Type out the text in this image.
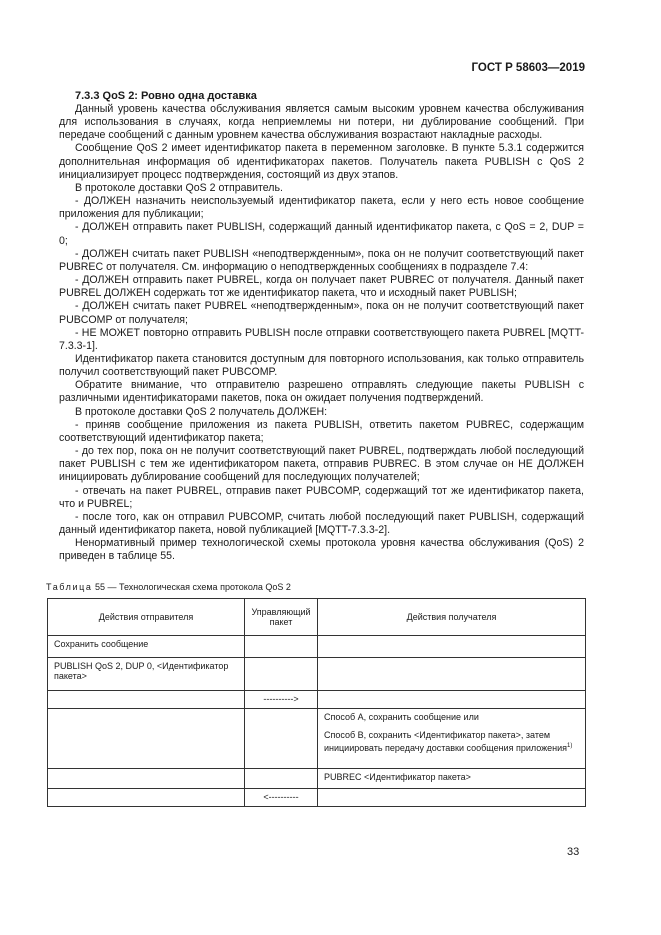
ГОСТ Р 58603—2019
7.3.3 QoS 2: Ровно одна доставка

Данный уровень качества обслуживания является самым высоким уровнем качества обслуживания для использования в случаях, когда неприемлемы ни потери, ни дублирование сообщений. При передаче сообщений с данным уровнем качества обслуживания возрастают накладные расходы.

Сообщение QoS 2 имеет идентификатор пакета в переменном заголовке. В пункте 5.3.1 содержится дополнительная информация об идентификаторах пакетов. Получатель пакета PUBLISH с QoS 2 инициализирует процесс подтверждения, состоящий из двух этапов.

В протоколе доставки QoS 2 отправитель.

- ДОЛЖЕН назначить неиспользуемый идентификатор пакета, если у него есть новое сообщение приложения для публикации;

- ДОЛЖЕН отправить пакет PUBLISH, содержащий данный идентификатор пакета, с QoS = 2, DUP = 0;

- ДОЛЖЕН считать пакет PUBLISH «неподтвержденным», пока он не получит соответствующий пакет PUBREC от получателя. См. информацию о неподтвержденных сообщениях в подразделе 7.4:

- ДОЛЖЕН отправить пакет PUBREL, когда он получает пакет PUBREC от получателя. Данный пакет PUBREL ДОЛЖЕН содержать тот же идентификатор пакета, что и исходный пакет PUBLISH;

- ДОЛЖЕН считать пакет PUBREL «неподтвержденным», пока он не получит соответствующий пакет PUBCOMP от получателя;

- НЕ МОЖЕТ повторно отправить PUBLISH после отправки соответствующего пакета PUBREL [MQTT-7.3.3-1].

Идентификатор пакета становится доступным для повторного использования, как только отправитель получил соответствующий пакет PUBCOMP.

Обратите внимание, что отправителю разрешено отправлять следующие пакеты PUBLISH с различными идентификаторами пакетов, пока он ожидает получения подтверждений.

В протоколе доставки QoS 2 получатель ДОЛЖЕН:

- приняв сообщение приложения из пакета PUBLISH, ответить пакетом PUBREC, содержащим соответствующий идентификатор пакета;

- до тех пор, пока он не получит соответствующий пакет PUBREL, подтверждать любой последующий пакет PUBLISH с тем же идентификатором пакета, отправив PUBREC. В этом случае он НЕ ДОЛЖЕН инициировать дублирование сообщений для последующих получателей;

- отвечать на пакет PUBREL, отправив пакет PUBCOMP, содержащий тот же идентификатор пакета, что и PUBREL;

- после того, как он отправил PUBCOMP, считать любой последующий пакет PUBLISH, содержащий данный идентификатор пакета, новой публикацией [MQTT-7.3.3-2].

Ненормативный пример технологической схемы протокола уровня качества обслуживания (QoS) 2 приведен в таблице 55.

Таблица 55 — Технологическая схема протокола QoS 2
Действия отправителя	Управляющий пакет	Действия получателя
Сохранить сообщение		
PUBLISH QoS 2, DUP 0, <Идентификатор пакета>		
	---------->	

		Способ А, сохранить сообщение или

Способ В, сохранить <Идентификатор пакета>, затем инициировать передачу доставки сообщения приложения$^{1)}$

		PUBREC <Идентификатор пакета>
	<----------	
33
